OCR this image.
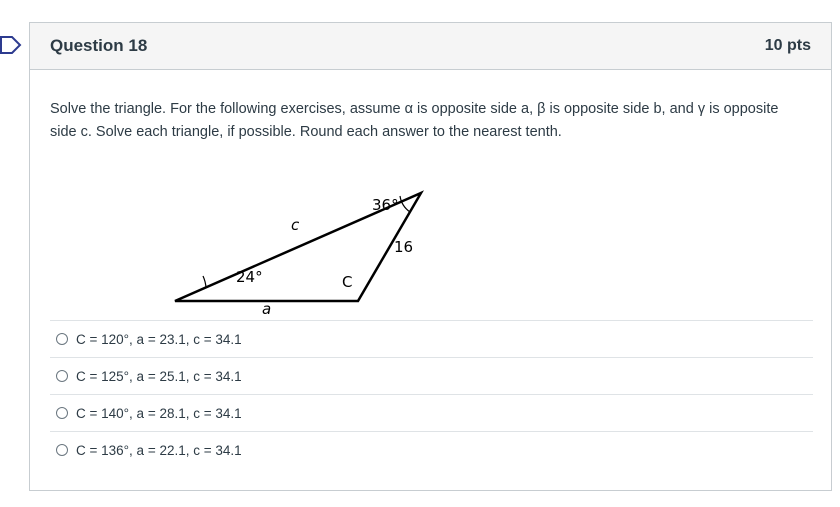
Question 18	10 pts

Solve the triangle. For the following exercises, assume α is opposite side a, β is opposite side b, and γ is opposite side c. Solve each triangle, if possible. Round each answer to the nearest tenth.

36°
24°	C
c
a
16
C = 120°, a = 23.1, c = 34.1
C = 125°, a = 25.1, c = 34.1
C = 140°, a = 28.1, c = 34.1
C = 136°, a = 22.1, c = 34.1
